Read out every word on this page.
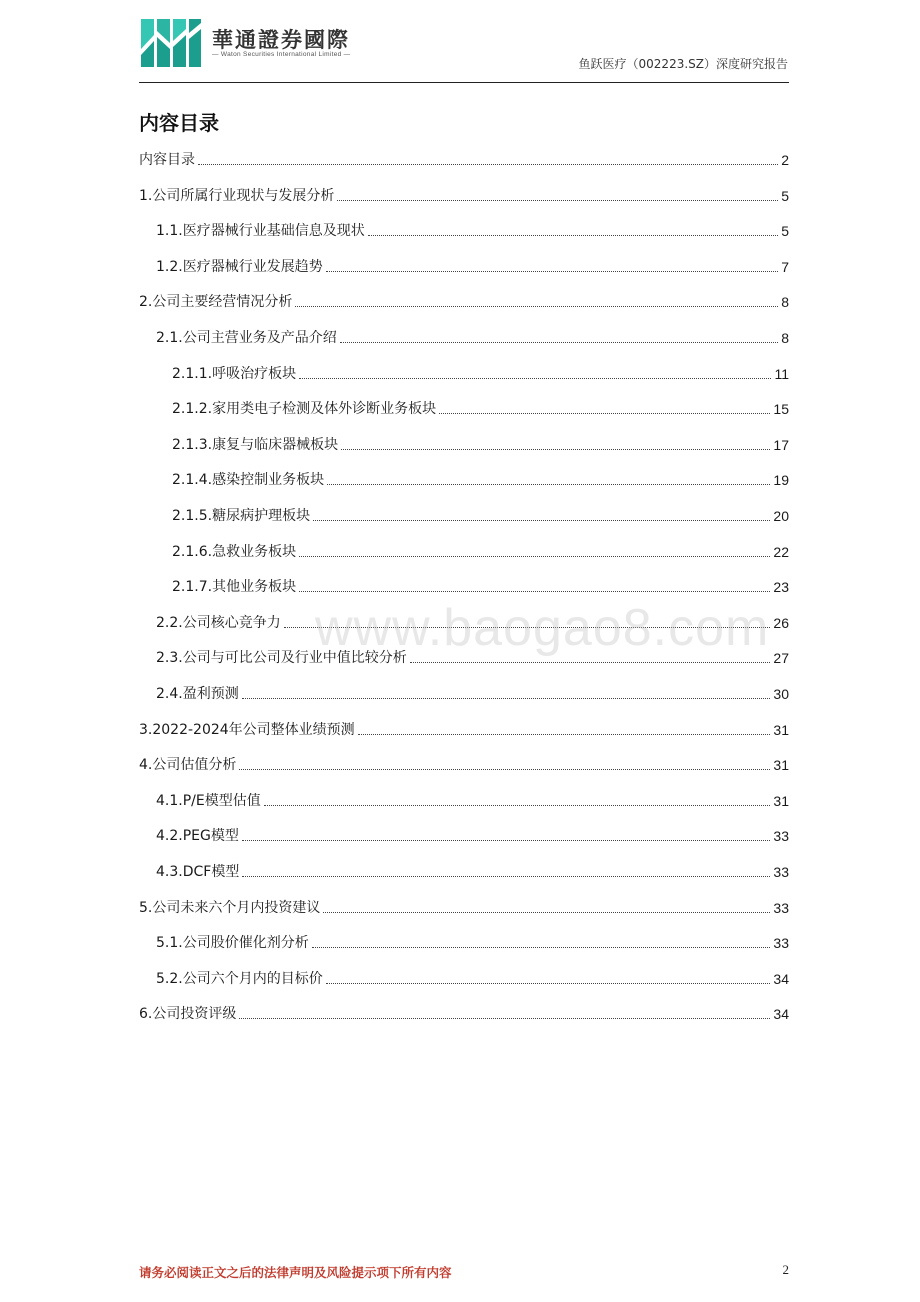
華通證券國際
— Waton Securities International Limited —
鱼跃医疗（002223.SZ）深度研究报告
内容目录
内容目录	2
1.公司所属行业现状与发展分析	5
1.1.医疗器械行业基础信息及现状	5
1.2.医疗器械行业发展趋势	7
2.公司主要经营情况分析	8
2.1.公司主营业务及产品介绍	8
2.1.1.呼吸治疗板块	11
2.1.2.家用类电子检测及体外诊断业务板块	15
2.1.3.康复与临床器械板块	17
2.1.4.感染控制业务板块	19
2.1.5.糖尿病护理板块	20
2.1.6.急救业务板块	22
2.1.7.其他业务板块	23
2.2.公司核心竞争力	26
2.3.公司与可比公司及行业中值比较分析	27
2.4.盈利预测	30
3.2022-2024年公司整体业绩预测	31
4.公司估值分析	31
4.1.P/E模型估值	31
4.2.PEG模型	33
4.3.DCF模型	33
5.公司未来六个月内投资建议	33
5.1.公司股价催化剂分析	33
5.2.公司六个月内的目标价	34
6.公司投资评级	34
www.baogao8.com
请务必阅读正文之后的法律声明及风险提示项下所有内容	2
